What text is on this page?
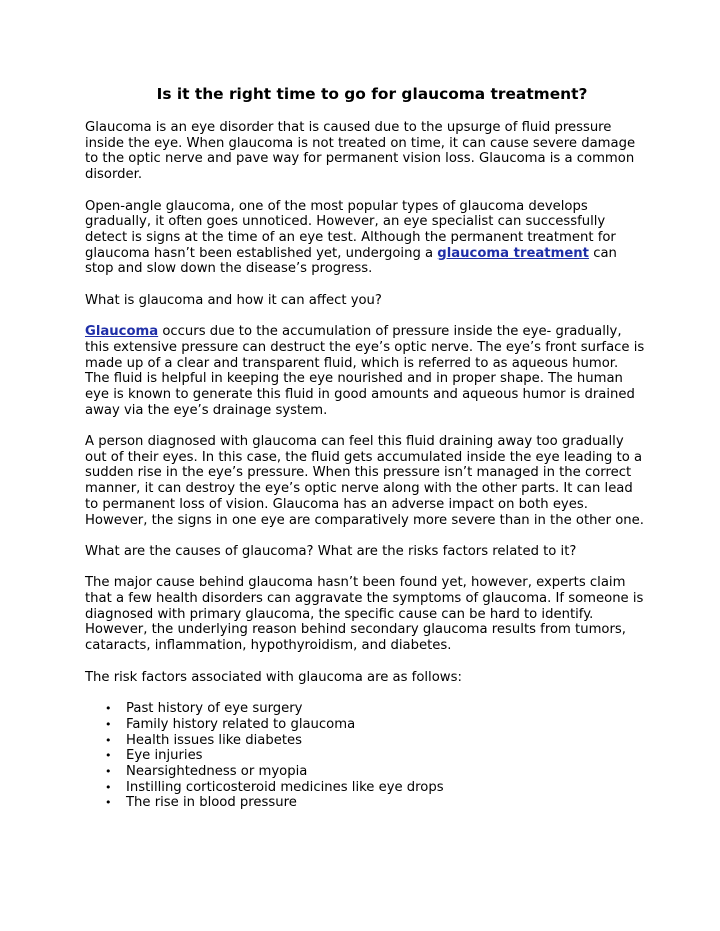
Is it the right time to go for glaucoma treatment?

Glaucoma is an eye disorder that is caused due to the upsurge of fluid pressure inside the eye. When glaucoma is not treated on time, it can cause severe damage to the optic nerve and pave way for permanent vision loss. Glaucoma is a common disorder.

Open-angle glaucoma, one of the most popular types of glaucoma develops gradually, it often goes unnoticed. However, an eye specialist can successfully detect is signs at the time of an eye test. Although the permanent treatment for glaucoma hasn’t been established yet, undergoing a glaucoma treatment can stop and slow down the disease’s progress.

What is glaucoma and how it can affect you?

Glaucoma occurs due to the accumulation of pressure inside the eye- gradually, this extensive pressure can destruct the eye’s optic nerve. The eye’s front surface is made up of a clear and transparent fluid, which is referred to as aqueous humor. The fluid is helpful in keeping the eye nourished and in proper shape. The human eye is known to generate this fluid in good amounts and aqueous humor is drained away via the eye’s drainage system.

A person diagnosed with glaucoma can feel this fluid draining away too gradually out of their eyes. In this case, the fluid gets accumulated inside the eye leading to a sudden rise in the eye’s pressure. When this pressure isn’t managed in the correct manner, it can destroy the eye’s optic nerve along with the other parts. It can lead to permanent loss of vision. Glaucoma has an adverse impact on both eyes. However, the signs in one eye are comparatively more severe than in the other one.

What are the causes of glaucoma? What are the risks factors related to it?

The major cause behind glaucoma hasn’t been found yet, however, experts claim that a few health disorders can aggravate the symptoms of glaucoma. If someone is diagnosed with primary glaucoma, the specific cause can be hard to identify. However, the underlying reason behind secondary glaucoma results from tumors, cataracts, inflammation, hypothyroidism, and diabetes.

The risk factors associated with glaucoma are as follows:

• Past history of eye surgery
• Family history related to glaucoma
• Health issues like diabetes
• Eye injuries
• Nearsightedness or myopia
• Instilling corticosteroid medicines like eye drops
• The rise in blood pressure
